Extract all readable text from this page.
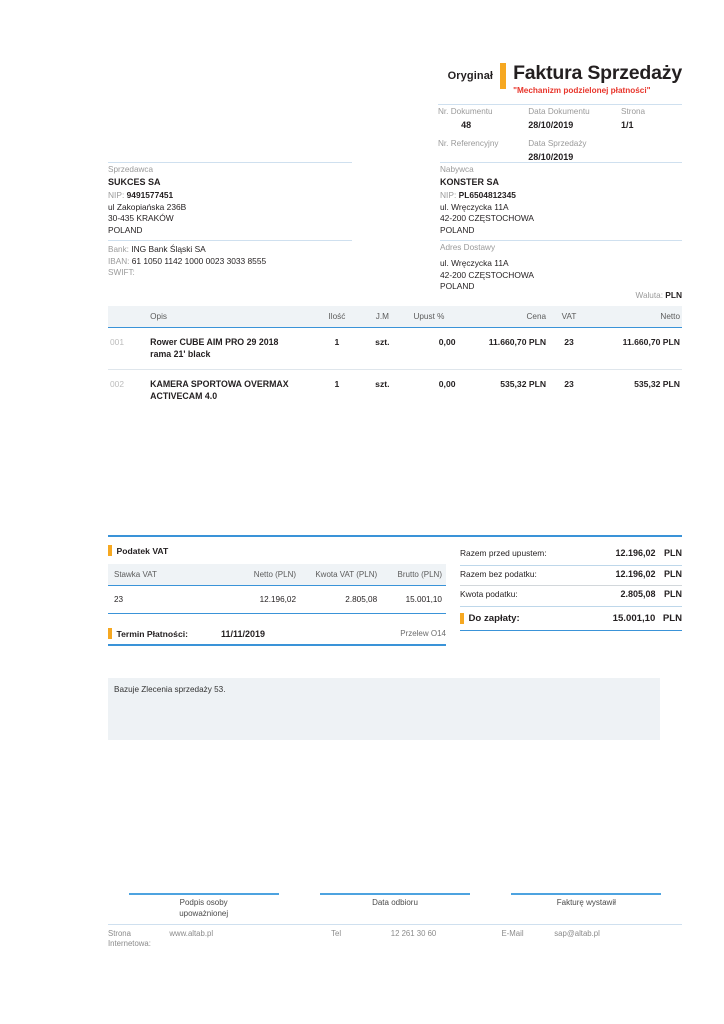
Oryginał Faktura Sprzedaży
"Mechanizm podzielonej płatności"
Nr. Dokumentu	Data Dokumentu	Strona

48	28/10/2019	1/1

Nr. Referencyjny	Data Sprzedaży	

	28/10/2019	

Sprzedawca
SUKCES SA
NIP: 9491577451
ul Zakopiańska 236B
30-435 KRAKÓW
POLAND
Bank: ING Bank Śląski SA
IBAN: 61 1050 1142 1000 0023 3033 8555
SWIFT:
Nabywca
KONSTER SA
NIP: PL6504812345
ul. Wręczycka 11A
42-200 CZĘSTOCHOWA
POLAND
Adres Dostawy
ul. Wręczycka 11A
42-200 CZĘSTOCHOWA
POLAND
Waluta: PLN
	Opis	Ilość	J.M	Upust %	Cena	VAT	Netto
001	Rower CUBE AIM PRO 29 2018
rama 21' black	1	szt.	0,00	11.660,70 PLN	23	11.660,70 PLN
002	KAMERA SPORTOWA OVERMAX
ACTIVECAM 4.0	1	szt.	0,00	535,32 PLN	23	535,32 PLN
Podatek VAT
Stawka VAT	Netto (PLN)	Kwota VAT (PLN)	Brutto (PLN)
23	12.196,02	2.805,08	15.001,10
Termin Płatności:	11/11/2019	Przelew O14
Razem przed upustem:	12.196,02 PLN
Razem bez podatku:	12.196,02 PLN
Kwota podatku:	2.805,08 PLN
Do zapłaty:	15.001,10 PLN
Bazuje Zlecenia sprzedaży 53.
Podpis osoby
upoważnionej
Data odbioru	Fakturę wystawił
Strona Internetowa:
www.altab.pl	Tel	12 261 30 60	E-Mail	sap@altab.pl
